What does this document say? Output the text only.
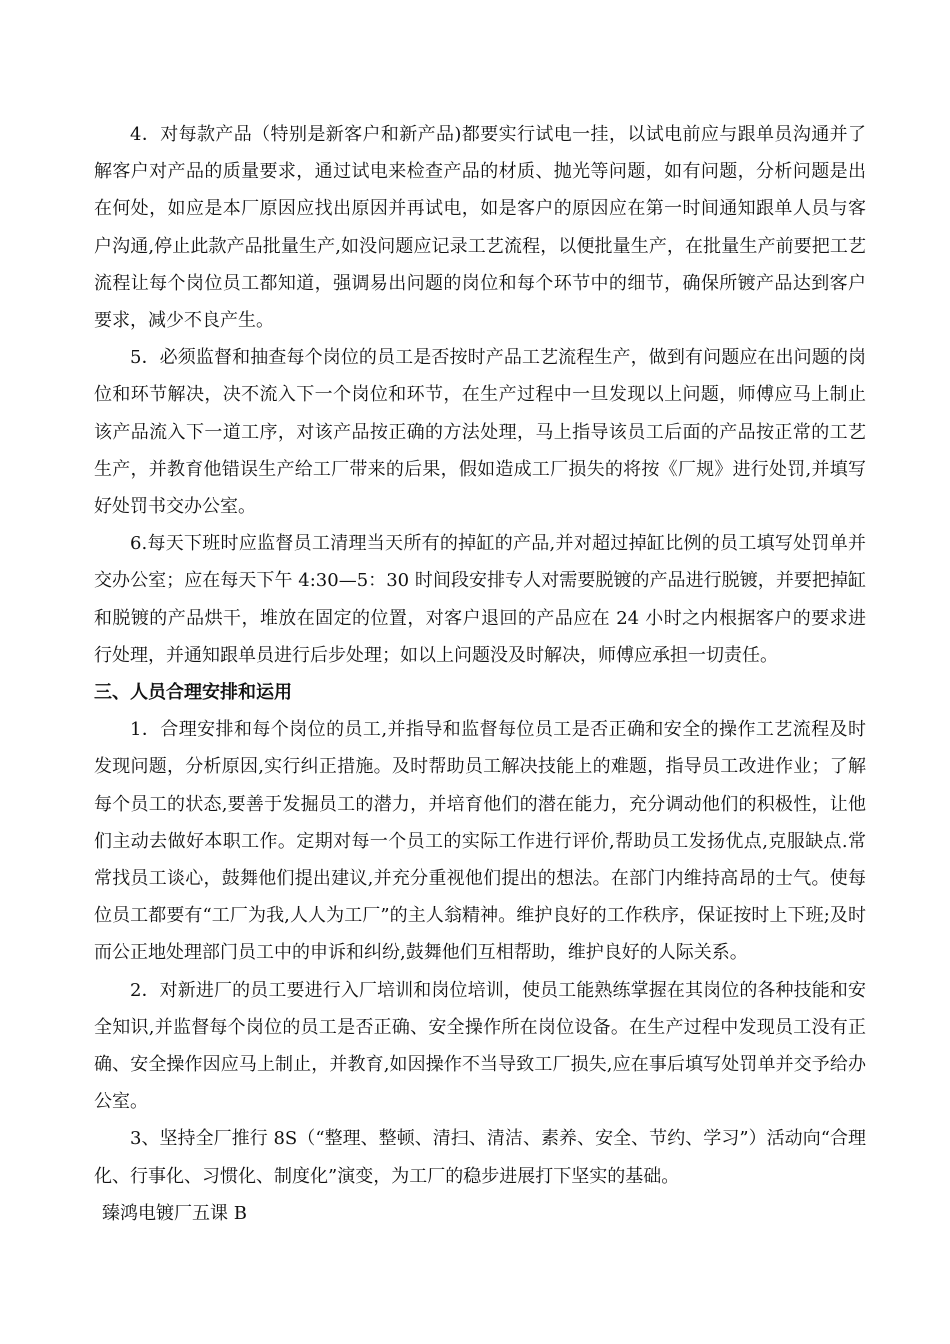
4．对每款产品（特别是新客户和新产品)都要实行试电一挂，以试电前应与跟单员沟通并了解客户对产品的质量要求，通过试电来检查产品的材质、抛光等问题，如有问题，分析问题是出在何处，如应是本厂原因应找出原因并再试电，如是客户的原因应在第一时间通知跟单人员与客户沟通,停止此款产品批量生产,如没问题应记录工艺流程，以便批量生产，在批量生产前要把工艺流程让每个岗位员工都知道，强调易出问题的岗位和每个环节中的细节，确保所镀产品达到客户要求，减少不良产生。

5．必须监督和抽查每个岗位的员工是否按时产品工艺流程生产，做到有问题应在出问题的岗位和环节解决，决不流入下一个岗位和环节，在生产过程中一旦发现以上问题，师傅应马上制止该产品流入下一道工序，对该产品按正确的方法处理，马上指导该员工后面的产品按正常的工艺生产，并教育他错误生产给工厂带来的后果，假如造成工厂损失的将按《厂规》进行处罚,并填写好处罚书交办公室。

6.每天下班时应监督员工清理当天所有的掉缸的产品,并对超过掉缸比例的员工填写处罚单并交办公室；应在每天下午 4:30—5：30 时间段安排专人对需要脱镀的产品进行脱镀，并要把掉缸和脱镀的产品烘干，堆放在固定的位置，对客户退回的产品应在 24 小时之内根据客户的要求进行处理，并通知跟单员进行后步处理；如以上问题没及时解决，师傅应承担一切责任。

三、人员合理安排和运用

1．合理安排和每个岗位的员工,并指导和监督每位员工是否正确和安全的操作工艺流程及时发现问题，分析原因,实行纠正措施。及时帮助员工解决技能上的难题，指导员工改进作业；了解每个员工的状态,要善于发掘员工的潜力，并培育他们的潜在能力，充分调动他们的积极性，让他们主动去做好本职工作。定期对每一个员工的实际工作进行评价,帮助员工发扬优点,克服缺点.常常找员工谈心，鼓舞他们提出建议,并充分重视他们提出的想法。在部门内维持高昂的士气。使每位员工都要有“工厂为我,人人为工厂”的主人翁精神。维护良好的工作秩序，保证按时上下班;及时而公正地处理部门员工中的申诉和纠纷,鼓舞他们互相帮助，维护良好的人际关系。

2．对新进厂的员工要进行入厂培训和岗位培训，使员工能熟练掌握在其岗位的各种技能和安全知识,并监督每个岗位的员工是否正确、安全操作所在岗位设备。在生产过程中发现员工没有正确、安全操作因应马上制止，并教育,如因操作不当导致工厂损失,应在事后填写处罚单并交予给办公室。

3、坚持全厂推行 8S（“整理、整顿、清扫、清洁、素养、安全、节约、学习”）活动向“合理化、行事化、习惯化、制度化”演变，为工厂的稳步进展打下坚实的基础。

臻鸿电镀厂五课 B
